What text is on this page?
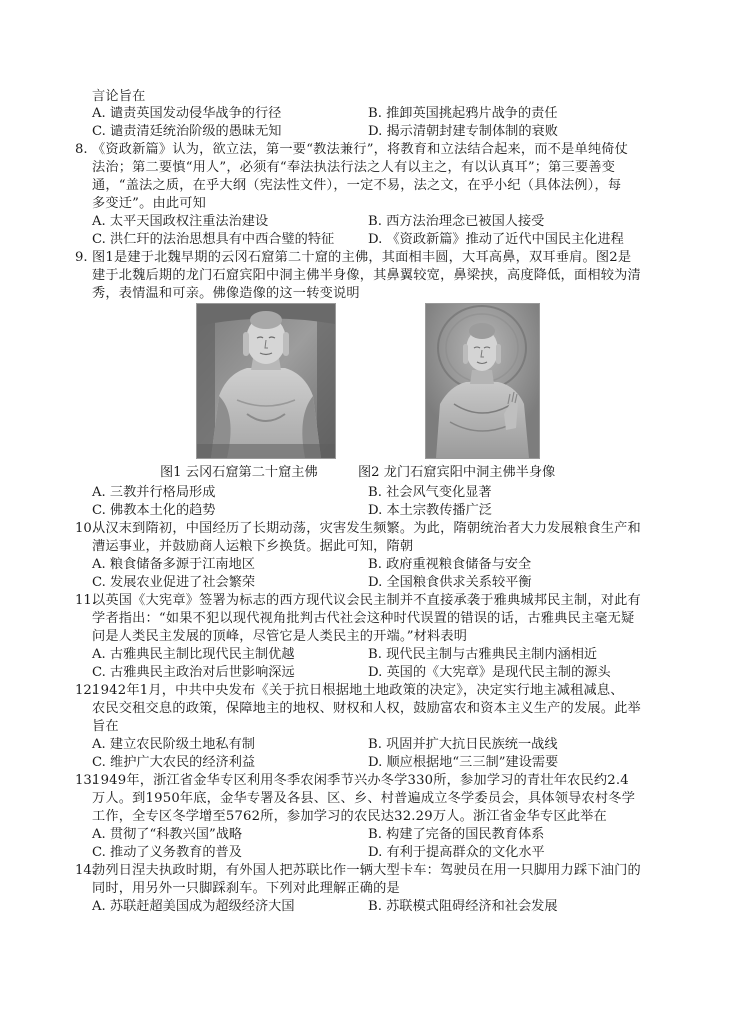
言论旨在
A. 谴责英国发动侵华战争的行径	B. 推卸英国挑起鸦片战争的责任
C. 谴责清廷统治阶级的愚昧无知	D. 揭示清朝封建专制体制的衰败
8. 《资政新篇》认为，欲立法，第一要“教法兼行”，将教育和立法结合起来，而不是单纯倚仗
法治；第二要慎“用人”，必须有“奉法执法行法之人有以主之，有以认真耳”；第三要善变
通，“盖法之质，在乎大纲（宪法性文件），一定不易，法之文，在乎小纪（具体法例），每
多变迁”。由此可知
A. 太平天国政权注重法治建设	B. 西方法治理念已被国人接受
C. 洪仁玕的法治思想具有中西合璧的特征	D. 《资政新篇》推动了近代中国民主化进程
9. 图1是建于北魏早期的云冈石窟第二十窟的主佛，其面相丰圆，大耳高鼻，双耳垂肩。图2是
建于北魏后期的龙门石窟宾阳中洞主佛半身像，其鼻翼较宽，鼻梁挟，高度降低，面相较为清
秀，表情温和可亲。佛像造像的这一转变说明
图1 云冈石窟第二十窟主佛	图2 龙门石窟宾阳中洞主佛半身像
A. 三教并行格局形成	B. 社会风气变化显著
C. 佛教本土化的趋势	D. 本土宗教传播广泛
10.
从汉末到隋初，中国经历了长期动荡，灾害发生频繁。为此，隋朝统治者大力发展粮食生产和
漕运事业，并鼓励商人运粮下乡换货。据此可知，隋朝
A. 粮食储备多源于江南地区	B. 政府重视粮食储备与安全
C. 发展农业促进了社会繁荣	D. 全国粮食供求关系较平衡
11.
以英国《大宪章》签署为标志的西方现代议会民主制并不直接承袭于雅典城邦民主制，对此有
学者指出：“如果不犯以现代视角批判古代社会这种时代误置的错误的话，古雅典民主毫无疑
问是人类民主发展的顶峰，尽管它是人类民主的开端。”材料表明
A. 古雅典民主制比现代民主制优越	B. 现代民主制与古雅典民主制内涵相近
C. 古雅典民主政治对后世影响深远	D. 英国的《大宪章》是现代民主制的源头
12.
1942年1月，中共中央发布《关于抗日根据地土地政策的决定》，决定实行地主减租减息、
农民交租交息的政策，保障地主的地权、财权和人权，鼓励富农和资本主义生产的发展。此举
旨在
A. 建立农民阶级土地私有制	B. 巩固并扩大抗日民族统一战线
C. 维护广大农民的经济利益	D. 顺应根据地“三三制”建设需要
13.
1949年，浙江省金华专区利用冬季农闲季节兴办冬学330所，参加学习的青壮年农民约2.4
万人。到1950年底，金华专署及各县、区、乡、村普遍成立冬学委员会，具体领导农村冬学
工作，全专区冬学增至5762所，参加学习的农民达32.29万人。浙江省金华专区此举在
A. 贯彻了“科教兴国”战略	B. 构建了完备的国民教育体系
C. 推动了义务教育的普及	D. 有利于提高群众的文化水平
14.
勃列日涅夫执政时期，有外国人把苏联比作一辆大型卡车：驾驶员在用一只脚用力踩下油门的
同时，用另外一只脚踩刹车。下列对此理解正确的是
A. 苏联赶超美国成为超级经济大国	B. 苏联模式阻碍经济和社会发展
